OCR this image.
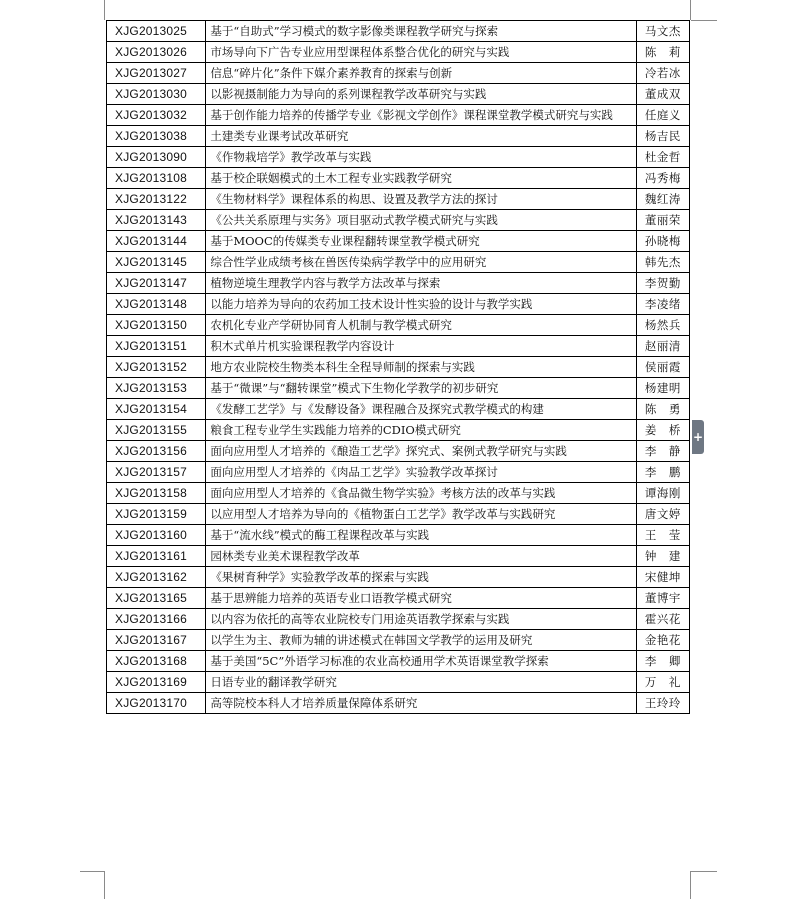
XJG2013025	基于“自助式”学习模式的数字影像类课程教学研究与探索	马文杰
XJG2013026	市场导向下广告专业应用型课程体系整合优化的研究与实践	陈　莉
XJG2013027	信息“碎片化”条件下媒介素养教育的探索与创新	冷若冰
XJG2013030	以影视摄制能力为导向的系列课程教学改革研究与实践	董成双
XJG2013032	基于创作能力培养的传播学专业《影视文学创作》课程课堂教学模式研究与实践	任庭义
XJG2013038	土建类专业课考试改革研究	杨吉民
XJG2013090	《作物栽培学》教学改革与实践	杜金哲
XJG2013108	基于校企联姻模式的土木工程专业实践教学研究	冯秀梅
XJG2013122	《生物材料学》课程体系的构思、设置及教学方法的探讨	魏红涛
XJG2013143	《公共关系原理与实务》项目驱动式教学模式研究与实践	董丽荣
XJG2013144	基于MOOC的传媒类专业课程翻转课堂教学模式研究	孙晓梅
XJG2013145	综合性学业成绩考核在兽医传染病学教学中的应用研究	韩先杰
XJG2013147	植物逆境生理教学内容与教学方法改革与探索	李贺勤
XJG2013148	以能力培养为导向的农药加工技术设计性实验的设计与教学实践	李凌绪
XJG2013150	农机化专业产学研协同育人机制与教学模式研究	杨然兵
XJG2013151	积木式单片机实验课程教学内容设计	赵丽清
XJG2013152	地方农业院校生物类本科生全程导师制的探索与实践	侯丽霞
XJG2013153	基于“微课”与“翻转课堂”模式下生物化学教学的初步研究	杨建明
XJG2013154	《发酵工艺学》与《发酵设备》课程融合及探究式教学模式的构建	陈　勇
XJG2013155	粮食工程专业学生实践能力培养的CDIO模式研究	姜　桥
XJG2013156	面向应用型人才培养的《酿造工艺学》探究式、案例式教学研究与实践	李　静
XJG2013157	面向应用型人才培养的《肉品工艺学》实验教学改革探讨	李　鹏
XJG2013158	面向应用型人才培养的《食品微生物学实验》考核方法的改革与实践	谭海刚
XJG2013159	以应用型人才培养为导向的《植物蛋白工艺学》教学改革与实践研究	唐文婷
XJG2013160	基于“流水线”模式的酶工程课程改革与实践	王　莹
XJG2013161	园林类专业美术课程教学改革	钟　建
XJG2013162	《果树育种学》实验教学改革的探索与实践	宋健坤
XJG2013165	基于思辨能力培养的英语专业口语教学模式研究	董博宇
XJG2013166	以内容为依托的高等农业院校专门用途英语教学探索与实践	霍兴花
XJG2013167	以学生为主、教师为辅的讲述模式在韩国文学教学的运用及研究	金艳花
XJG2013168	基于美国“5C”外语学习标准的农业高校通用学术英语课堂教学探索	李　卿
XJG2013169	日语专业的翻译教学研究	万　礼
XJG2013170	高等院校本科人才培养质量保障体系研究	王玲玲
+
